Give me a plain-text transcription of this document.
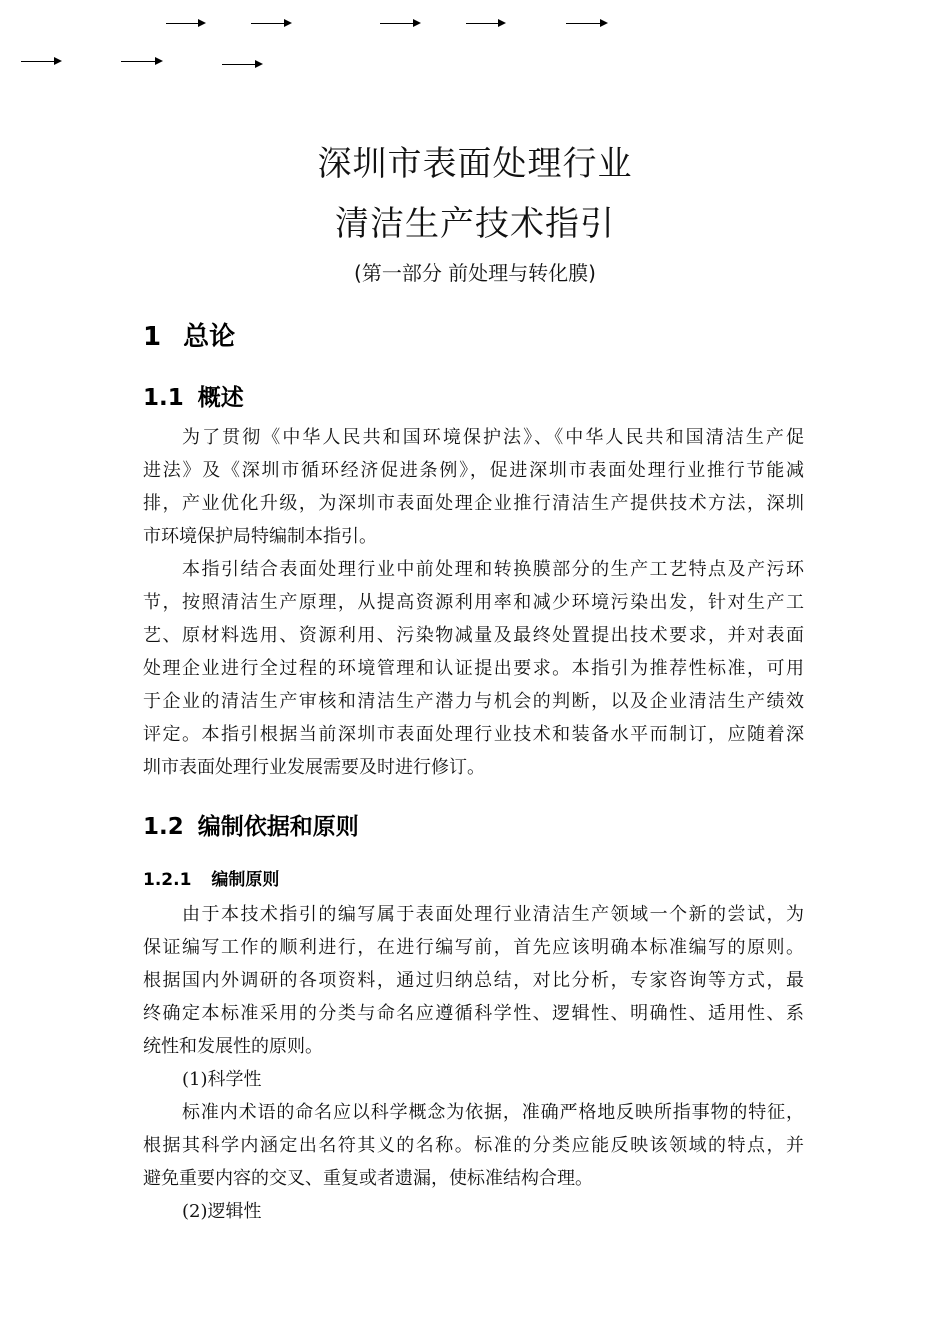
深圳市表面处理行业
清洁生产技术指引
(第一部分 前处理与转化膜)
1 总论
1.1 概述
为了贯彻《中华人民共和国环境保护法》、《中华人民共和国清洁生产促
进法》及《深圳市循环经济促进条例》，促进深圳市表面处理行业推行节能减
排，产业优化升级，为深圳市表面处理企业推行清洁生产提供技术方法，深圳
市环境保护局特编制本指引。
本指引结合表面处理行业中前处理和转换膜部分的生产工艺特点及产污环
节，按照清洁生产原理，从提高资源利用率和减少环境污染出发，针对生产工
艺、原材料选用、资源利用、污染物减量及最终处置提出技术要求，并对表面
处理企业进行全过程的环境管理和认证提出要求。本指引为推荐性标准，可用
于企业的清洁生产审核和清洁生产潜力与机会的判断，以及企业清洁生产绩效
评定。本指引根据当前深圳市表面处理行业技术和装备水平而制订，应随着深
圳市表面处理行业发展需要及时进行修订。
1.2 编制依据和原则
1.2.1 编制原则
由于本技术指引的编写属于表面处理行业清洁生产领域一个新的尝试，为
保证编写工作的顺利进行，在进行编写前，首先应该明确本标准编写的原则。
根据国内外调研的各项资料，通过归纳总结，对比分析，专家咨询等方式，最
终确定本标准采用的分类与命名应遵循科学性、逻辑性、明确性、适用性、系
统性和发展性的原则。
(1)科学性
标准内术语的命名应以科学概念为依据，准确严格地反映所指事物的特征，
根据其科学内涵定出名符其义的名称。标准的分类应能反映该领域的特点，并
避免重要内容的交叉、重复或者遗漏，使标准结构合理。
(2)逻辑性
